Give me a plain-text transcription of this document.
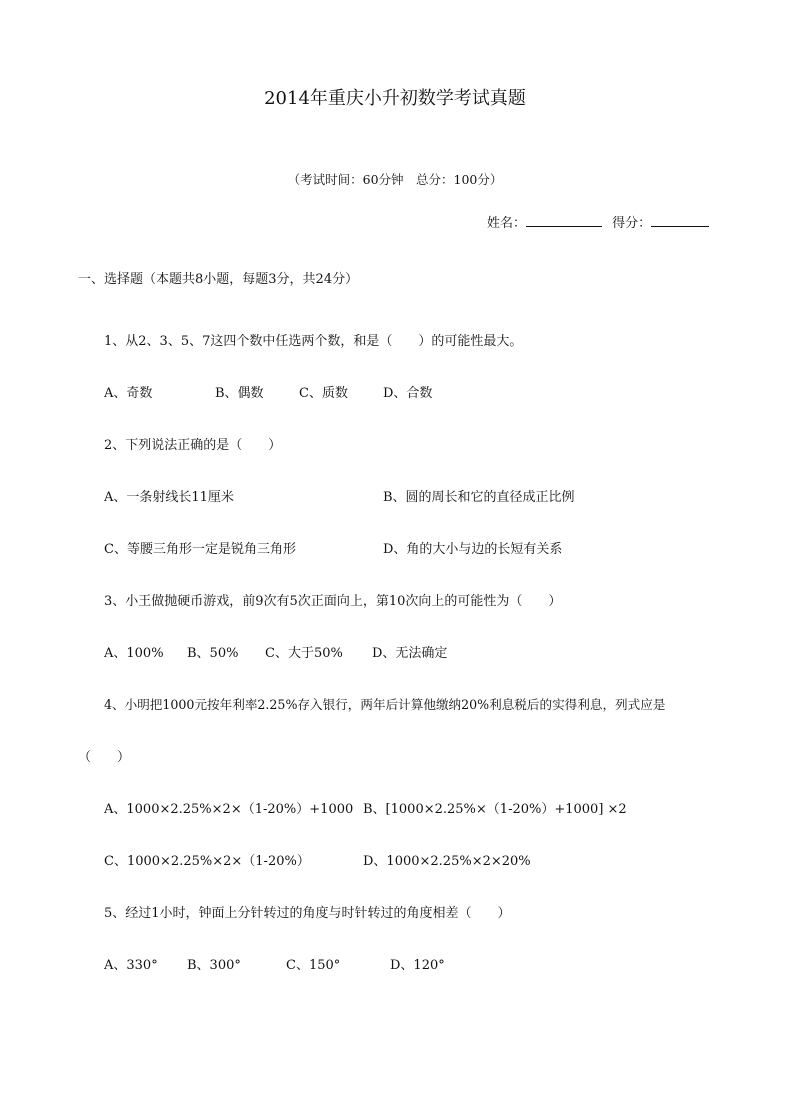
2014年重庆小升初数学考试真题
（考试时间：60分钟　总分：100分）
姓名：	得分：
一、选择题（本题共8小题，每题3分，共24分）
1、从2、3、5、7这四个数中任选两个数，和是（　　）的可能性最大。
A、奇数	B、偶数	C、质数	D、合数
2、下列说法正确的是（　　）
A、一条射线长11厘米	B、圆的周长和它的直径成正比例
C、等腰三角形一定是锐角三角形	D、角的大小与边的长短有关系
3、小王做抛硬币游戏，前9次有5次正面向上，第10次向上的可能性为（　　）
A、100% B、50% C、大于50% D、无法确定
4、小明把1000元按年利率2.25%存入银行，两年后计算他缴纳20%利息税后的实得利息，列式应是
（　　）
A、1000×2.25%×2×（1-20%）+1000 B、[1000×2.25%×（1-20%）+1000] ×2
C、1000×2.25%×2×（1-20%）	D、1000×2.25%×2×20%
5、经过1小时，钟面上分针转过的角度与时针转过的角度相差（　　）
A、330° B、300°	C、150°	D、120°
